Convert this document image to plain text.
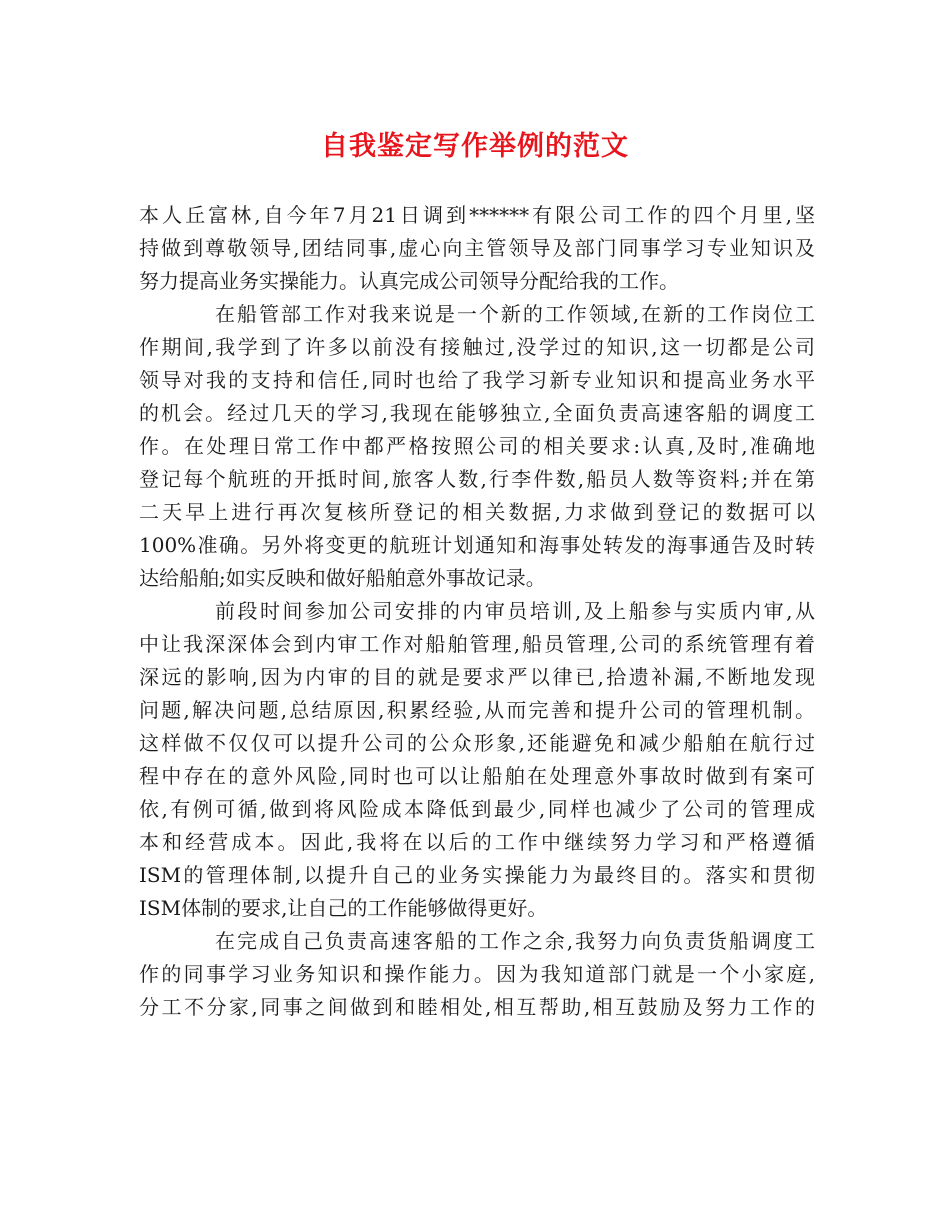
自我鉴定写作举例的范文
本人丘富林,自今年7月21日调到******有限公司工作的四个月里,坚
持做到尊敬领导,团结同事,虚心向主管领导及部门同事学习专业知识及
努力提高业务实操能力。认真完成公司领导分配给我的工作。
在船管部工作对我来说是一个新的工作领域,在新的工作岗位工
作期间,我学到了许多以前没有接触过,没学过的知识,这一切都是公司
领导对我的支持和信任,同时也给了我学习新专业知识和提高业务水平
的机会。经过几天的学习,我现在能够独立,全面负责高速客船的调度工
作。在处理日常工作中都严格按照公司的相关要求:认真,及时,准确地
登记每个航班的开抵时间,旅客人数,行李件数,船员人数等资料;并在第
二天早上进行再次复核所登记的相关数据,力求做到登记的数据可以
100%准确。另外将变更的航班计划通知和海事处转发的海事通告及时转
达给船舶;如实反映和做好船舶意外事故记录。
前段时间参加公司安排的内审员培训,及上船参与实质内审,从
中让我深深体会到内审工作对船舶管理,船员管理,公司的系统管理有着
深远的影响,因为内审的目的就是要求严以律已,拾遗补漏,不断地发现
问题,解决问题,总结原因,积累经验,从而完善和提升公司的管理机制。
这样做不仅仅可以提升公司的公众形象,还能避免和减少船舶在航行过
程中存在的意外风险,同时也可以让船舶在处理意外事故时做到有案可
依,有例可循,做到将风险成本降低到最少,同样也减少了公司的管理成
本和经营成本。因此,我将在以后的工作中继续努力学习和严格遵循
ISM的管理体制,以提升自己的业务实操能力为最终目的。落实和贯彻
ISM体制的要求,让自己的工作能够做得更好。
在完成自己负责高速客船的工作之余,我努力向负责货船调度工
作的同事学习业务知识和操作能力。因为我知道部门就是一个小家庭,
分工不分家,同事之间做到和睦相处,相互帮助,相互鼓励及努力工作的
